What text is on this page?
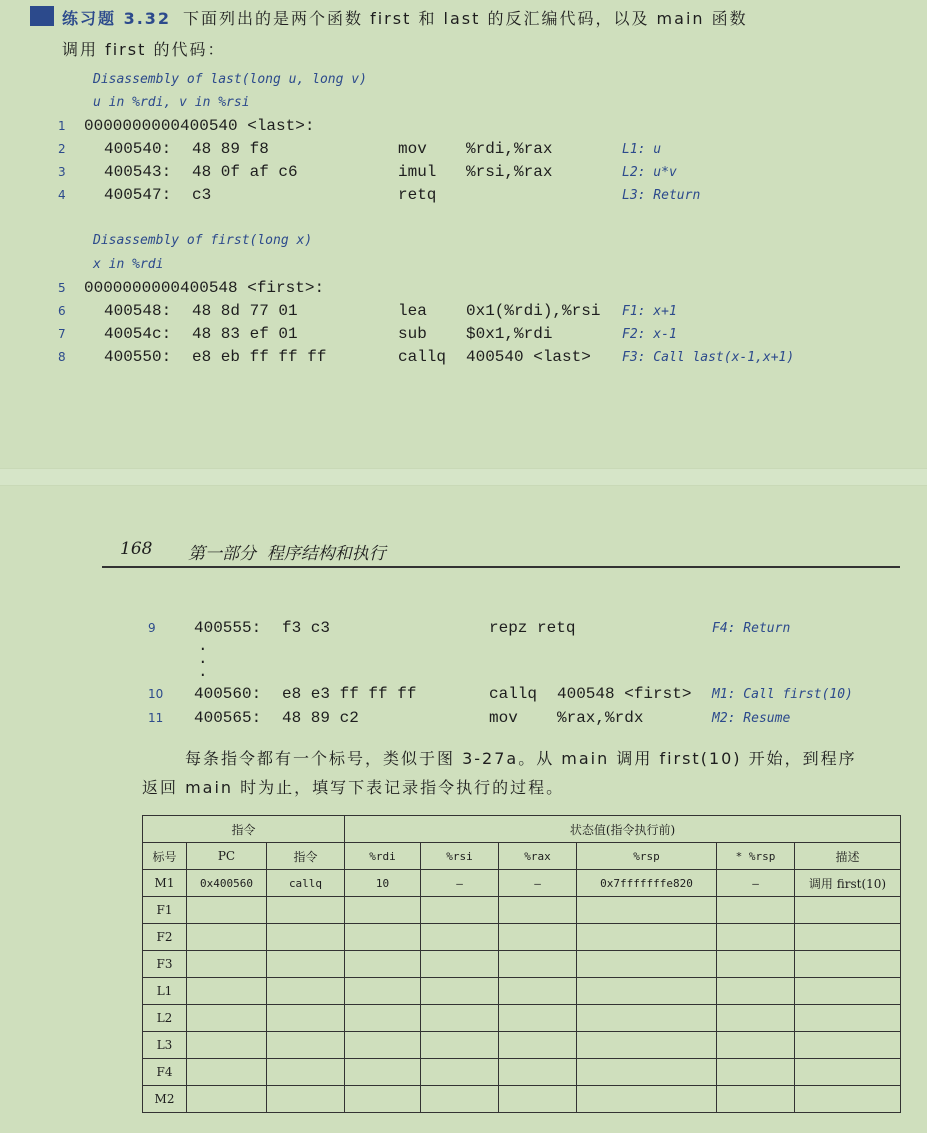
练习题 3.32 下面列出的是两个函数 first 和 last 的反汇编代码，以及 main 函数
调用 first 的代码：
Disassembly of last(long u, long v)
u in %rdi, v in %rsi
1 0000000000400540 <last>:
2 400540: 48 89 f8	mov %rdi,%rax	L1: u
3 400543: 48 0f af c6	imul %rsi,%rax	L2: u*v
4 400547: c3	retq	L3: Return
Disassembly of first(long x)
x in %rdi
5 0000000000400548 <first>:
6 400548: 48 8d 77 01	lea 0x1(%rdi),%rsi F1: x+1
7 40054c: 48 83 ef 01	sub $0x1,%rdi	F2: x-1
8 400550: e8 eb ff ff ff	callq 400540 <last> F3: Call last(x-1,x+1)
168 第一部分  程序结构和执行
9 400555: f3 c3	repz retq	F4: Return
10 400560: e8 e3 ff ff ff	callq 400548 <first> M1: Call first(10)
11 400565: 48 89 c2	mov %rax,%rdx	M2: Resume
·
·
·
每条指令都有一个标号，类似于图 3-27a。从 main 调用 first(10) 开始，到程序
返回 main 时为止，填写下表记录指令执行的过程。
指令			状态值(指令执行前)					
标号	PC	指令	%rdi	%rsi	%rax	%rsp	* %rsp	描述
M1	0x400560	callq	10	—	—	0x7fffffffe820	—	调用 first(10)
F1								
F2								
F3								
L1								
L2								
L3								
F4								
M2								
